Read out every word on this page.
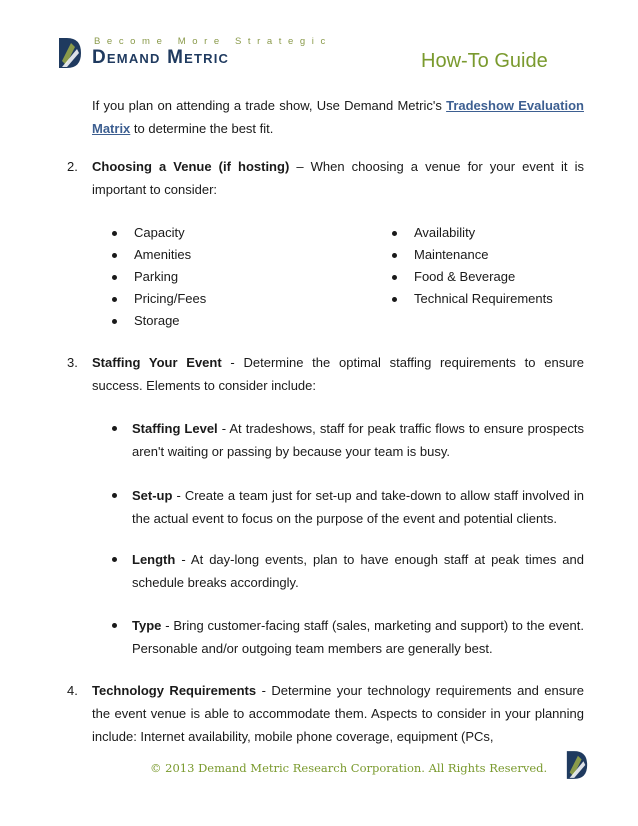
Become More Strategic
Demand Metric	How-To Guide
If you plan on attending a trade show, Use Demand Metric's Tradeshow Evaluation Matrix to determine the best fit.
2. Choosing a Venue (if hosting) – When choosing a venue for your event it is important to consider:
Capacity
Amenities
Parking
Pricing/Fees
Storage
Availability
Maintenance
Food & Beverage
Technical Requirements
3. Staffing Your Event - Determine the optimal staffing requirements to ensure success. Elements to consider include:
Staffing Level - At tradeshows, staff for peak traffic flows to ensure prospects aren't waiting or passing by because your team is busy.
Set-up - Create a team just for set-up and take-down to allow staff involved in the actual event to focus on the purpose of the event and potential clients.
Length - At day-long events, plan to have enough staff at peak times and schedule breaks accordingly.
Type - Bring customer-facing staff (sales, marketing and support) to the event. Personable and/or outgoing team members are generally best.
4. Technology Requirements - Determine your technology requirements and ensure the event venue is able to accommodate them. Aspects to consider in your planning include: Internet availability, mobile phone coverage, equipment (PCs,
© 2013 Demand Metric Research Corporation. All Rights Reserved.
